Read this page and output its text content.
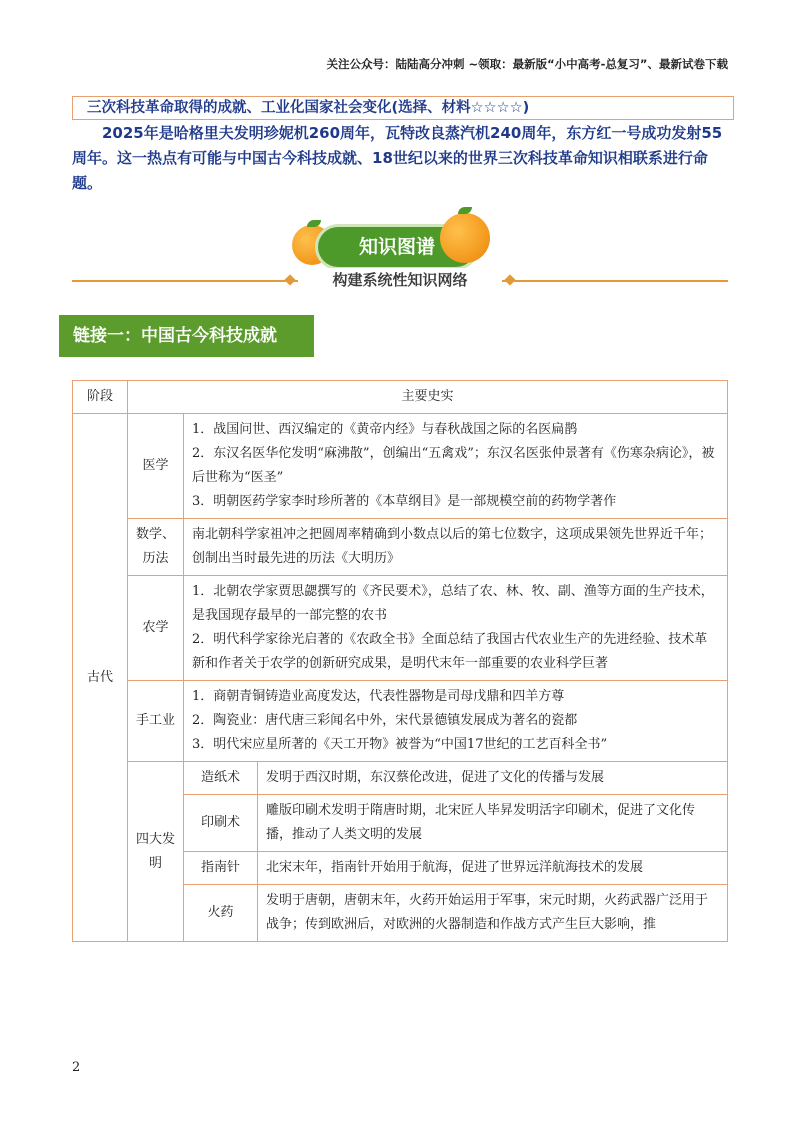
关注公众号：陆陆高分冲刺 ~领取：最新版“小中高考-总复习”、最新试卷下载
三次科技革命取得的成就、工业化国家社会变化(选择、材料☆☆☆☆)
2025年是哈格里夫发明珍妮机260周年，瓦特改良蒸汽机240周年，东方红一号成功发射55周年。这一热点有可能与中国古今科技成就、18世纪以来的世界三次科技革命知识相联系进行命题。
知识图谱
构建系统性知识网络
链接一：中国古今科技成就
阶段	主要史实		
古代	医学	1．战国问世、西汉编定的《黄帝内经》与春秋战国之际的名医扁鹊
2．东汉名医华佗发明“麻沸散”，创编出“五禽戏”；东汉名医张仲景著有《伤寒杂病论》，被后世称为“医圣”
3．明朝医药学家李时珍所著的《本草纲目》是一部规模空前的药物学著作	

	数学、历法	南北朝科学家祖冲之把圆周率精确到小数点以后的第七位数字，这项成果领先世界近千年；创制出当时最先进的历法《大明历》	
	农学	1．北朝农学家贾思勰撰写的《齐民要术》，总结了农、林、牧、副、渔等方面的生产技术，是我国现存最早的一部完整的农书
2．明代科学家徐光启著的《农政全书》全面总结了我国古代农业生产的先进经验、技术革新和作者关于农学的创新研究成果，是明代末年一部重要的农业科学巨著	

	手工业	1．商朝青铜铸造业高度发达，代表性器物是司母戊鼎和四羊方尊
2．陶瓷业：唐代唐三彩闻名中外，宋代景德镇发展成为著名的瓷都
3．明代宋应星所著的《天工开物》被誉为“中国17世纪的工艺百科全书”	

	四大发明	造纸术	发明于西汉时期，东汉蔡伦改进，促进了文化的传播与发展
		印刷术	雕版印刷术发明于隋唐时期，北宋匠人毕昇发明活字印刷术，促进了文化传播，推动了人类文明的发展
		指南针	北宋末年，指南针开始用于航海，促进了世界远洋航海技术的发展
		火药	发明于唐朝，唐朝末年，火药开始运用于军事，宋元时期，火药武器广泛用于战争；传到欧洲后，对欧洲的火器制造和作战方式产生巨大影响，推
2
